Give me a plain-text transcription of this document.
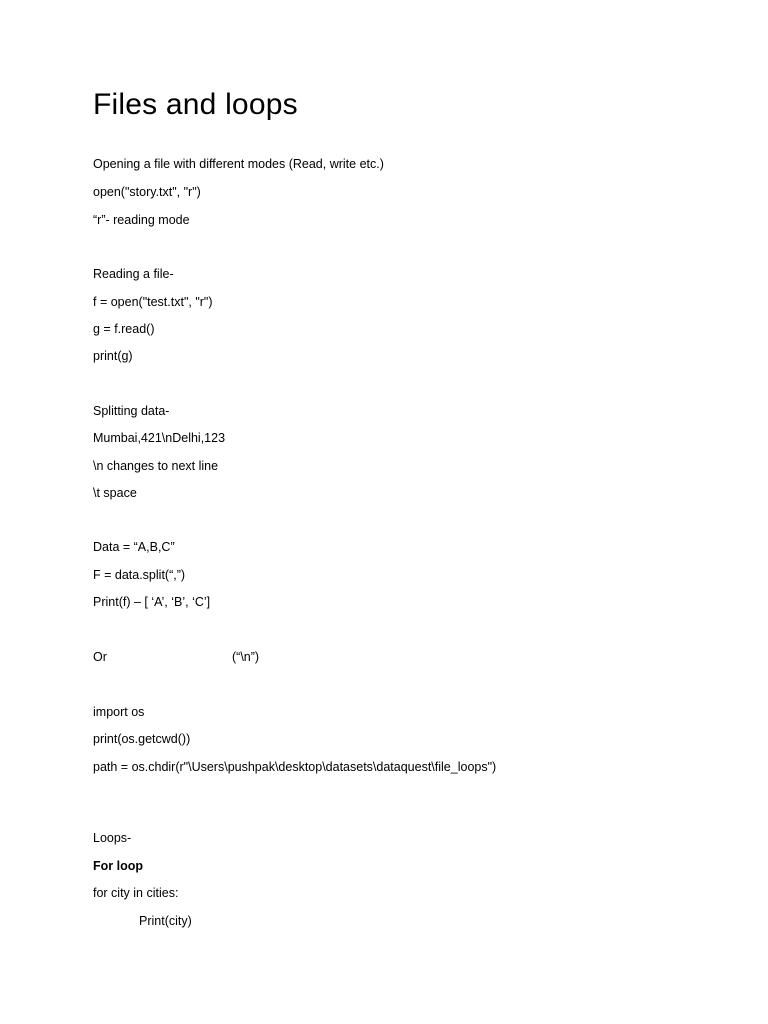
Files and loops

Opening a file with different modes (Read, write etc.)

open("story.txt", "r")

“r”- reading mode

Reading a file-

f = open("test.txt", "r")

g = f.read()

print(g)

Splitting data-

Mumbai,421\nDelhi,123

\n changes to next line

\t space

Data = “A,B,C”

F = data.split(“,”)

Print(f) – [ ‘A’, ‘B’, ‘C’]

Or	(“\n”)

import os

print(os.getcwd())

path = os.chdir(r"\Users\pushpak\desktop\datasets\dataquest\file_loops")

Loops-

For loop

for city in cities:

Print(city)
